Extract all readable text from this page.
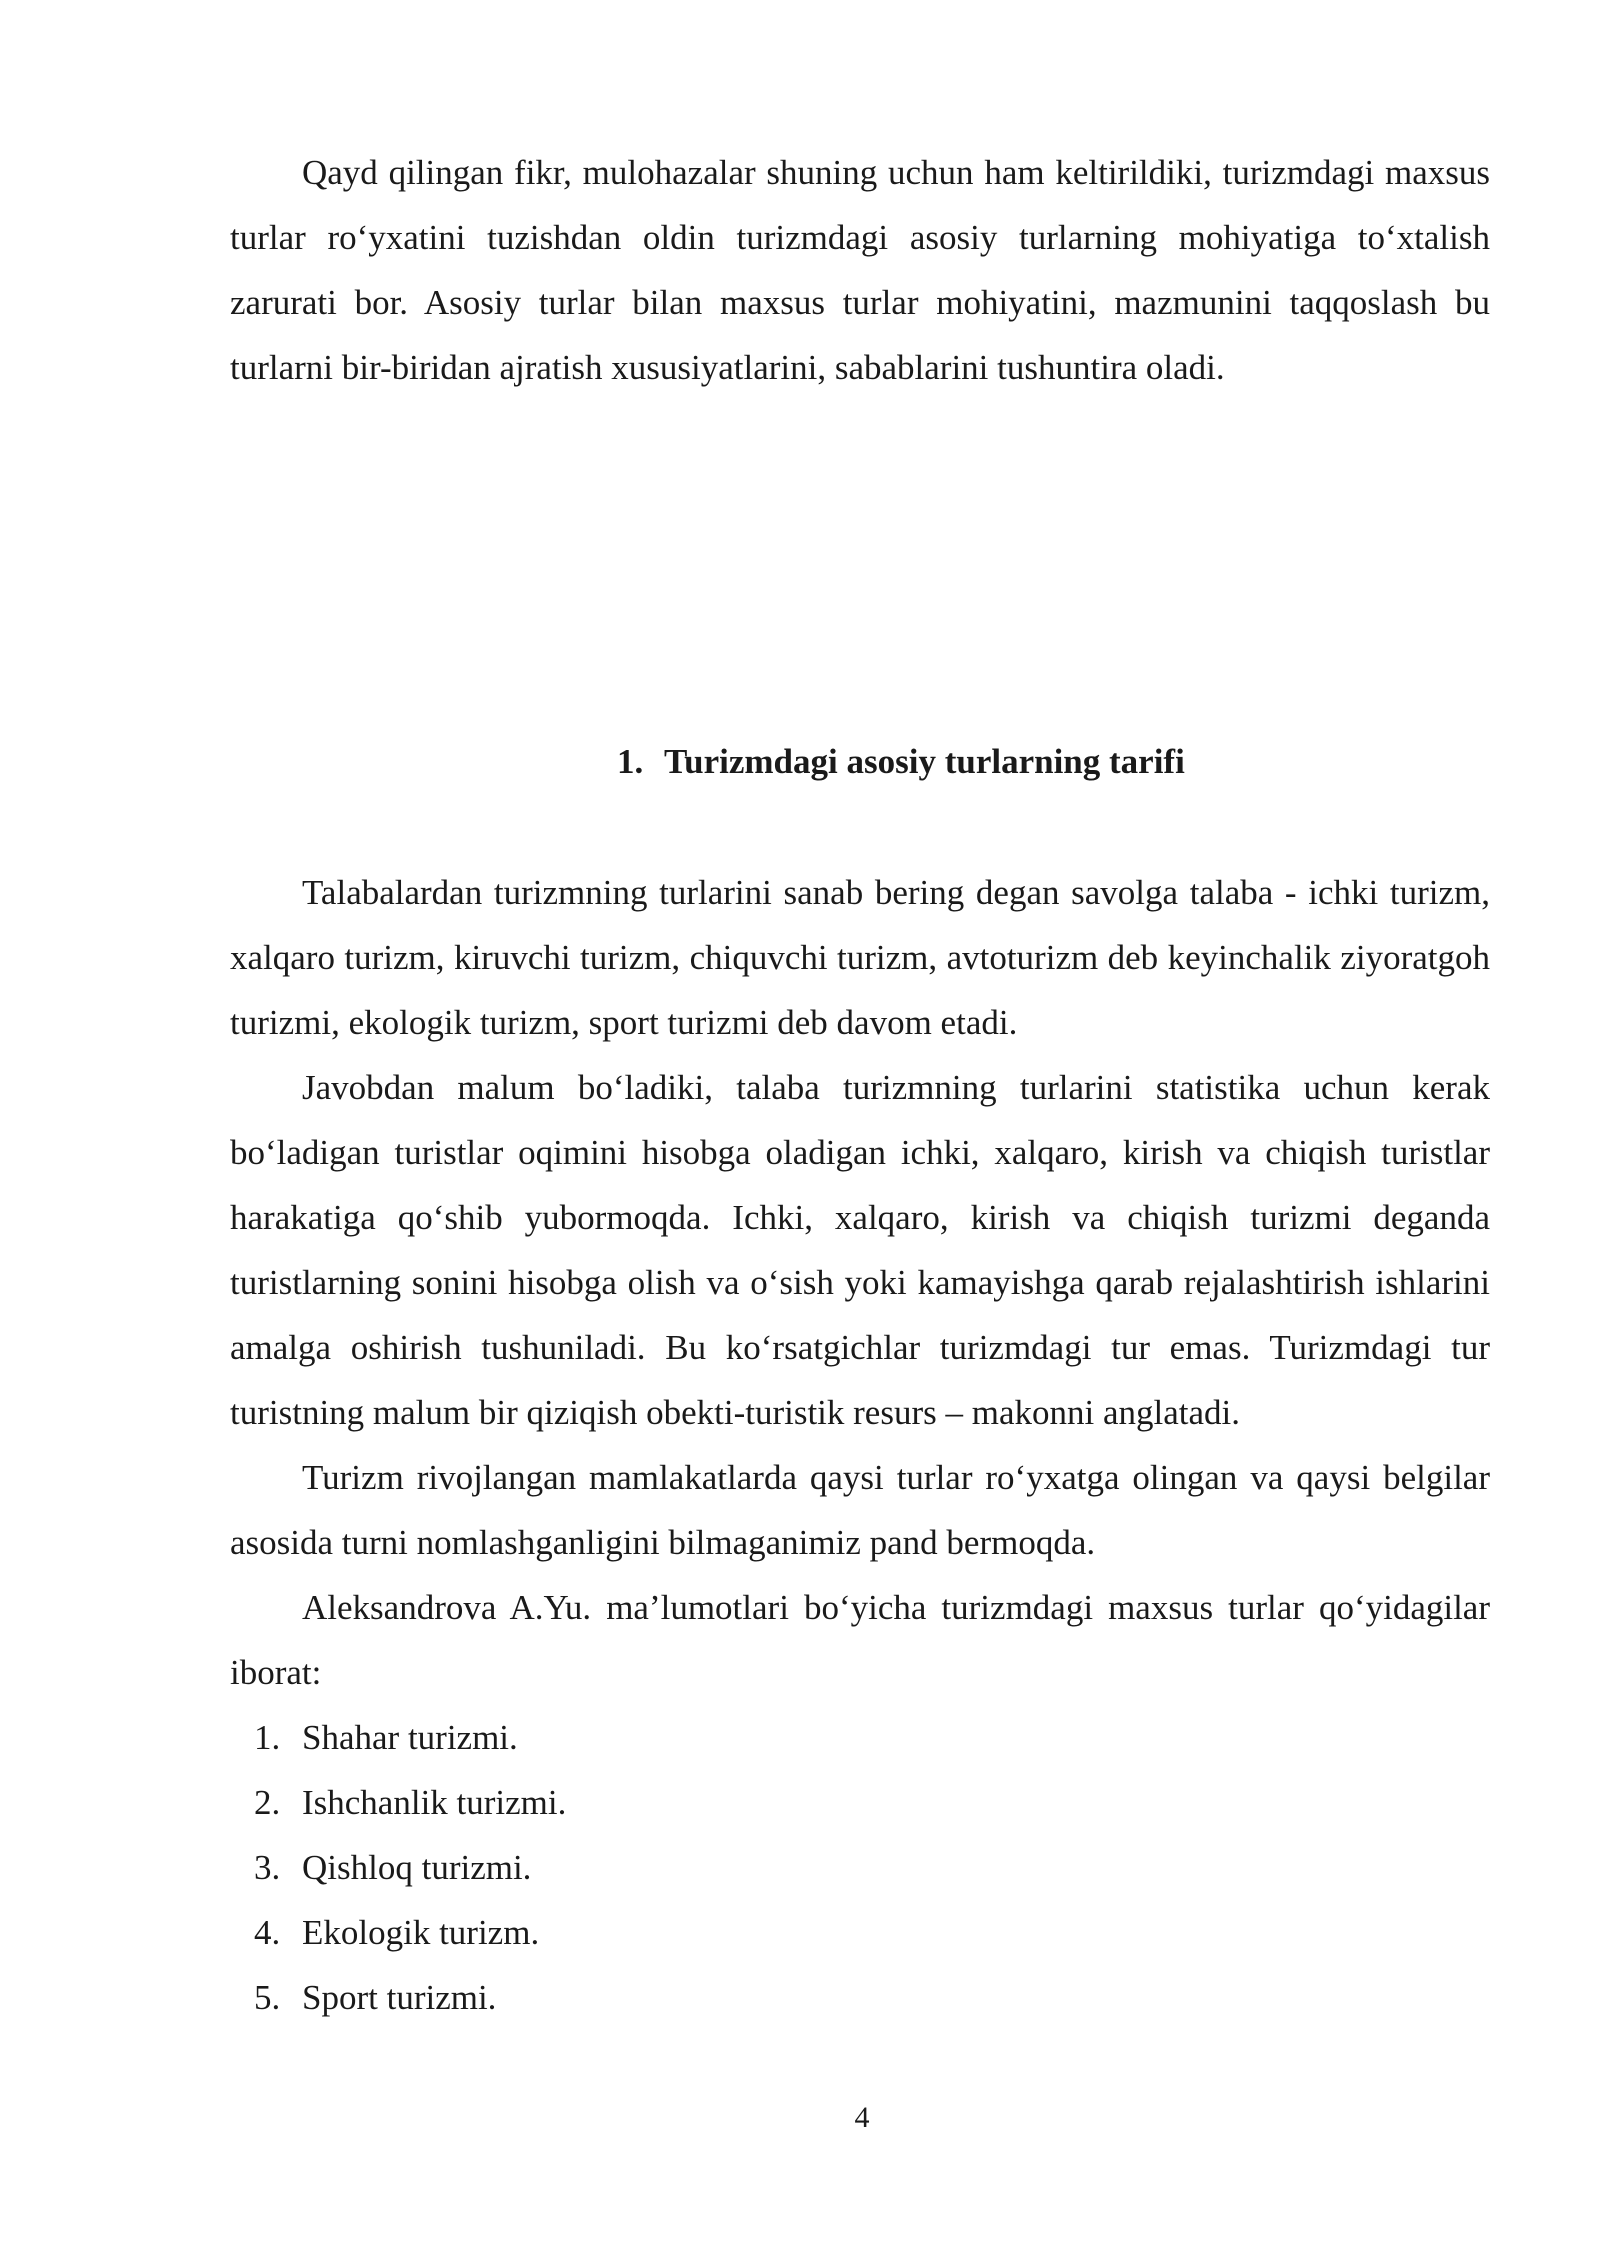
Qayd qilingan fikr, mulohazalar shuning uchun ham keltirildiki, turizmdagi maxsus turlar ro‘yxatini tuzishdan oldin turizmdagi asosiy turlarning mohiyatiga to‘xtalish zarurati bor. Asosiy turlar bilan maxsus turlar mohiyatini, mazmunini taqqoslash bu turlarni bir-biridan ajratish xususiyatlarini, sabablarini tushuntira oladi.

1. Turizmdagi asosiy turlarning tarifi

Talabalardan turizmning turlarini sanab bering degan savolga talaba - ichki turizm, xalqaro turizm, kiruvchi turizm, chiquvchi turizm, avtoturizm deb keyinchalik ziyoratgoh turizmi, ekologik turizm, sport turizmi deb davom etadi.

Javobdan malum bo‘ladiki, talaba turizmning turlarini statistika uchun kerak bo‘ladigan turistlar oqimini hisobga oladigan ichki, xalqaro, kirish va chiqish turistlar harakatiga qo‘shib yubormoqda. Ichki, xalqaro, kirish va chiqish turizmi deganda turistlarning sonini hisobga olish va o‘sish yoki kamayishga qarab rejalashtirish ishlarini amalga oshirish tushuniladi. Bu ko‘rsatgichlar turizmdagi tur emas. Turizmdagi tur turistning malum bir qiziqish obekti-turistik resurs – makonni anglatadi.

Turizm rivojlangan mamlakatlarda qaysi turlar ro‘yxatga olingan va qaysi belgilar asosida turni nomlashganligini bilmaganimiz pand bermoqda.

Aleksandrova A.Yu. ma’lumotlari bo‘yicha turizmdagi maxsus turlar qo‘yidagilar iborat:

1. Shahar turizmi.
2. Ishchanlik turizmi.
3. Qishloq turizmi.
4. Ekologik turizm.
5. Sport turizmi.
4
